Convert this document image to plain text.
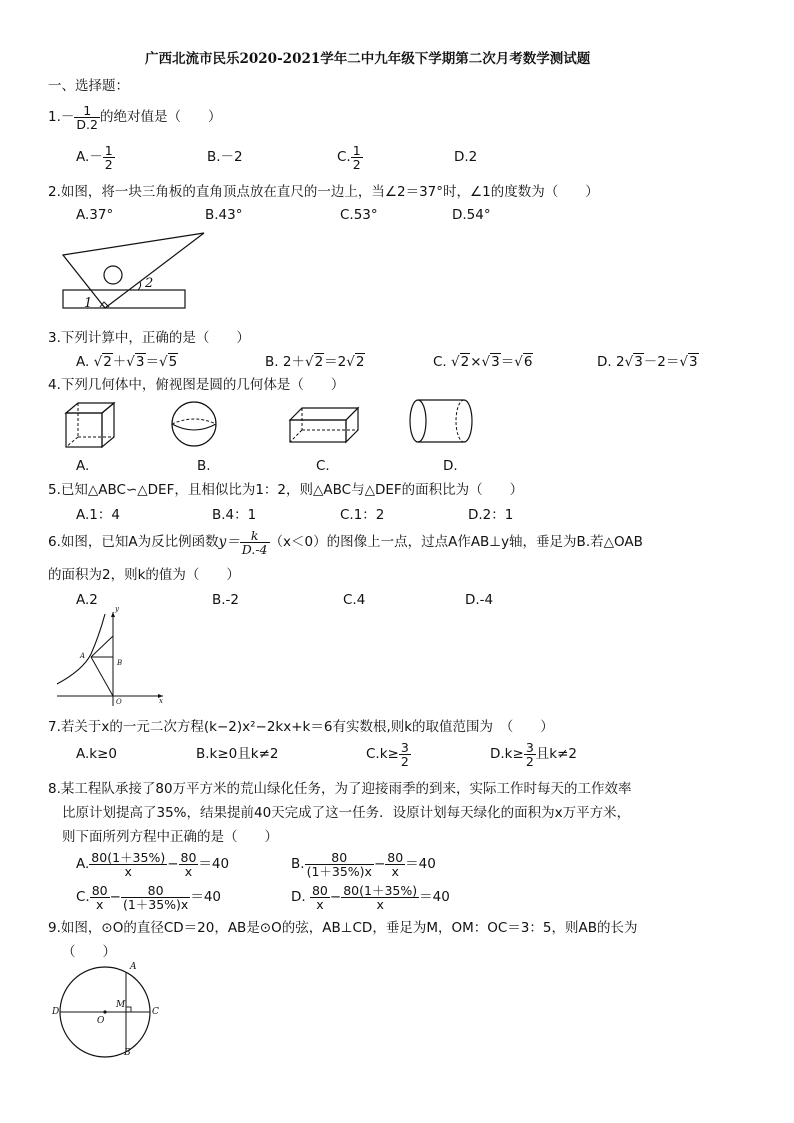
广西北流市民乐2020-2021学年二中九年级下学期第二次月考数学测试题
一、选择题：
$1.- \frac{1}{D.2}$ 的绝对值是（　　）
$A.- \frac{1}{2}$	B.－2	C. $\frac{1}{2}$	D.2
2.如图，将一块三角板的直角顶点放在直尺的一边上，当∠2＝37°时，∠1的度数为（　　）
A.37°	B.43°	C.53°	D.54°
1
2
3.下列计算中，正确的是（　　）
A. √2＋√3＝√5	B. 2＋√2＝2√2	C. √2×√3＝√6	D. 2√3－2＝√3
4.下列几何体中，俯视图是圆的几何体是（　　）
A.	B.	C.	D.
5.已知△ABC∽△DEF，且相似比为1：2，则△ABC与△DEF的面积比为（　　）
A.1：4	B.4：1	C.1：2	D.2：1
6.如图，已知A为反比例函数$y= \frac{k}{D.-4} (x<0)$的图像上一点，过点A作AB⊥y轴，垂足为B.若△OAB
的面积为2，则k的值为（　　）
A.2	B.-2	C.4	D.-4
y
A
B
O	x
7.若关于x的一元二次方程(k−2)x²−2kx+k＝6有实数根,则k的取值范围为　（　　）
A.k≥0	B.k≥0且k≠2	$C.k\ge \frac{3}{2}$	$D.k\ge \frac{3}{2}$ 且k≠2
8.某工程队承接了80万平方米的荒山绿化任务，为了迎接雨季的到来，实际工作时每天的工作效率
比原计划提高了35%，结果提前40天完成了这一任务．设原计划每天绿化的面积为x万平方米，
则下面所列方程中正确的是（　　）
A. $\frac{80(1+35\%)}{x} - \frac{80}{x} =40$	B. $\frac{80}{(1+35\%)x} - \frac{80}{x} =40$
C. $\frac{80}{x} - \frac{80}{(1+35\%)x} =40$	D. $\frac{80}{x} - \frac{80(1+35\%)}{x} =40$
9.如图，⊙O的直径CD＝20，AB是⊙O的弦，AB⊥CD，垂足为M，OM：OC＝3：5，则AB的长为
（　　）
A
D	C
M
O
B
